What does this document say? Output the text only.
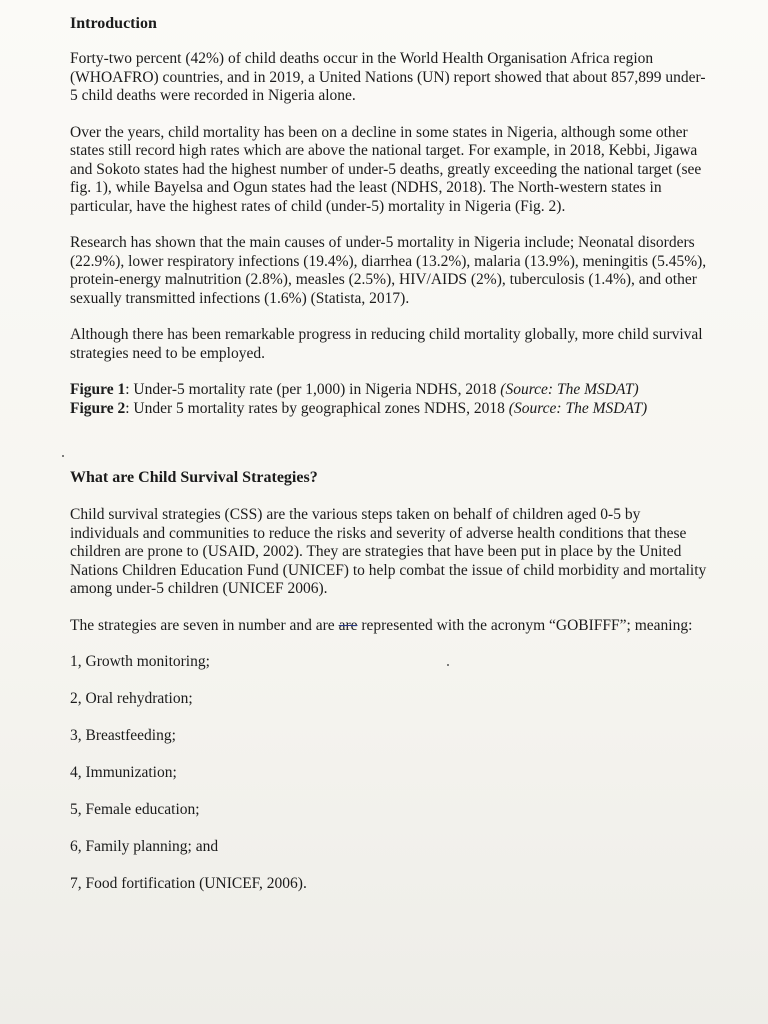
Introduction

Forty-two percent (42%) of child deaths occur in the World Health Organisation Africa region (WHOAFRO) countries, and in 2019, a United Nations (UN) report showed that about 857,899 under-5 child deaths were recorded in Nigeria alone.

Over the years, child mortality has been on a decline in some states in Nigeria, although some other states still record high rates which are above the national target. For example, in 2018, Kebbi, Jigawa and Sokoto states had the highest number of under-5 deaths, greatly exceeding the national target (see fig. 1), while Bayelsa and Ogun states had the least (NDHS, 2018). The North-western states in particular, have the highest rates of child (under-5) mortality in Nigeria (Fig. 2).

Research has shown that the main causes of under-5 mortality in Nigeria include; Neonatal disorders (22.9%), lower respiratory infections (19.4%), diarrhea (13.2%), malaria (13.9%), meningitis (5.45%), protein-energy malnutrition (2.8%), measles (2.5%), HIV/AIDS (2%), tuberculosis (1.4%), and other sexually transmitted infections (1.6%) (Statista, 2017).

Although there has been remarkable progress in reducing child mortality globally, more child survival strategies need to be employed.

Figure 1: Under-5 mortality rate (per 1,000) in Nigeria NDHS, 2018 (Source: The MSDAT)

Figure 2: Under 5 mortality rates by geographical zones NDHS, 2018 (Source: The MSDAT)

What are Child Survival Strategies?

Child survival strategies (CSS) are the various steps taken on behalf of children aged 0-5 by individuals and communities to reduce the risks and severity of adverse health conditions that these children are prone to (USAID, 2002). They are strategies that have been put in place by the United Nations Children Education Fund (UNICEF) to help combat the issue of child morbidity and mortality among under-5 children (UNICEF 2006).

The strategies are seven in number and are are represented with the acronym “GOBIFFF”; meaning:

1, Growth monitoring;

2, Oral rehydration;

3, Breastfeeding;

4, Immunization;

5, Female education;

6, Family planning; and

7, Food fortification (UNICEF, 2006).
